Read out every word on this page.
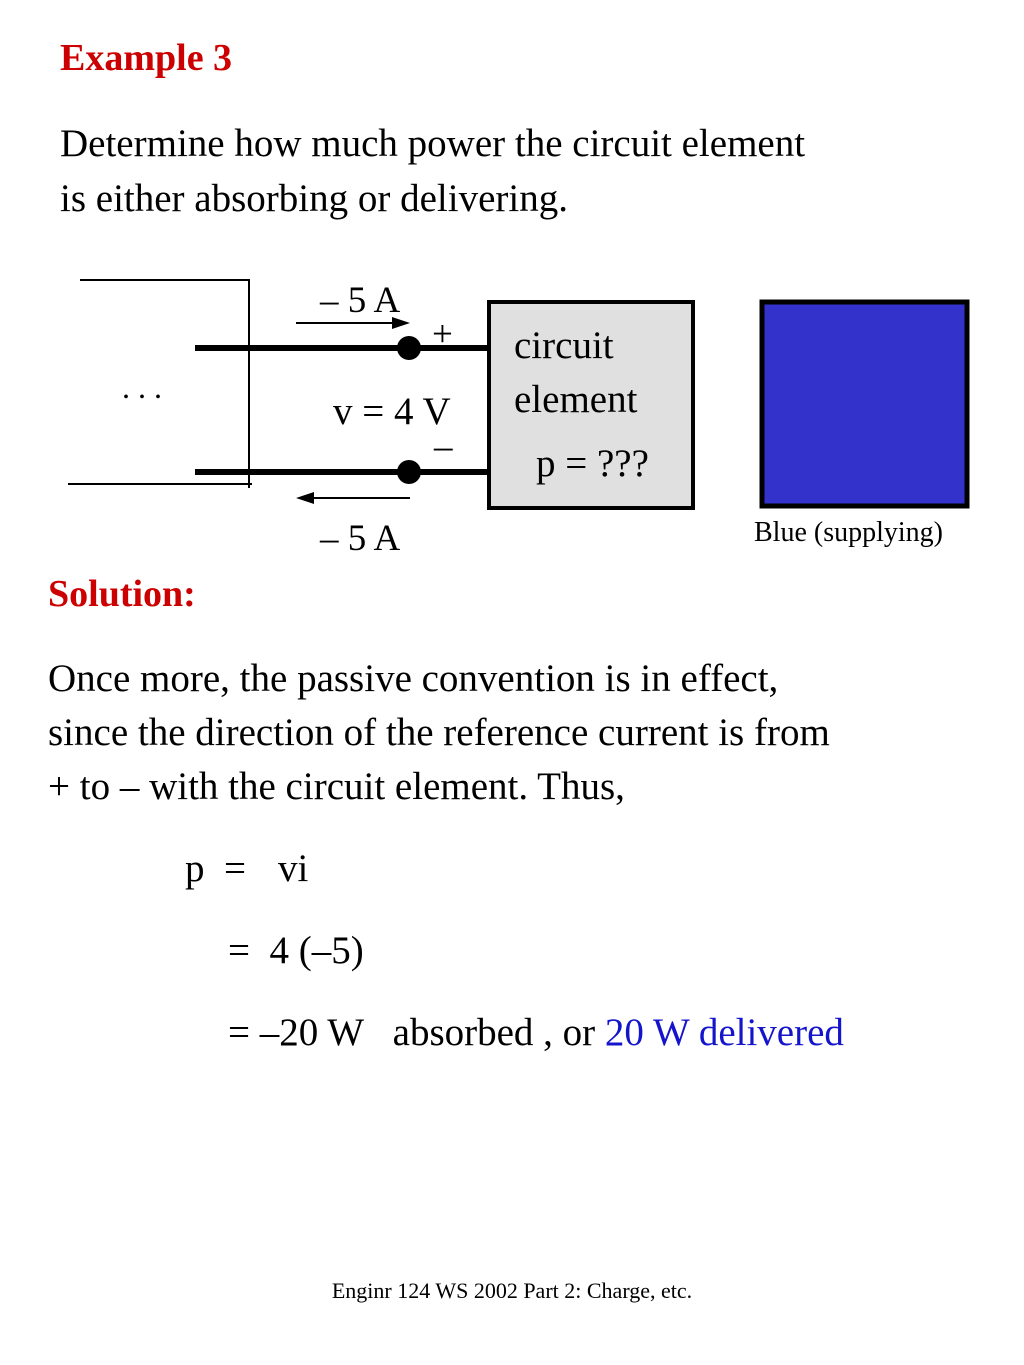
Example 3
Determine how much power the circuit element
is either absorbing or delivering.
. . .
– 5 A
– 5 A
+
v = 4 V
–
circuit
element
p = ???
Blue (supplying)
Solution:
Once more, the passive convention is in effect,
since the direction of the reference current is from
+ to – with the circuit element. Thus,
p  = vi
=  4 (–5)
= –20 W   absorbed , or 20 W delivered
Enginr 124 WS 2002 Part 2: Charge, etc.
